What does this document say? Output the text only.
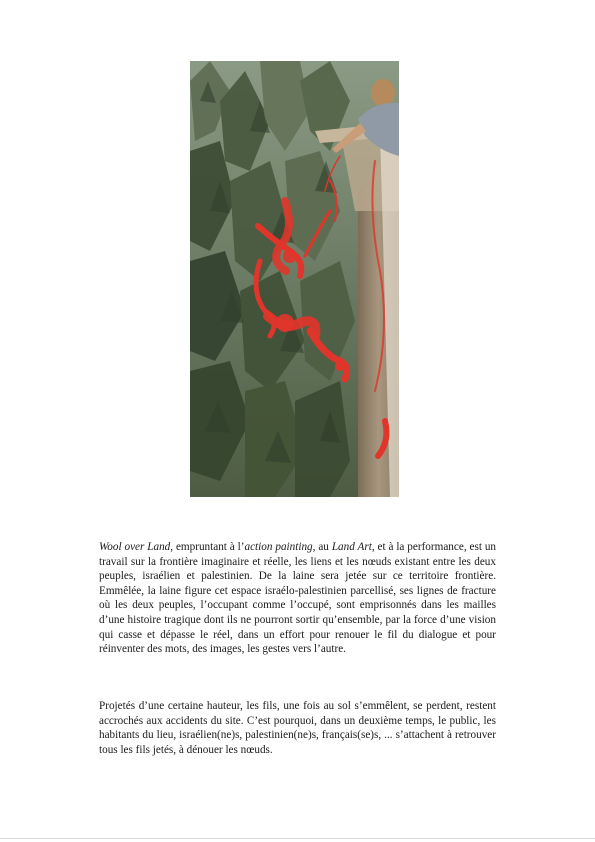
Wool over Land, empruntant à l’action painting, au Land Art, et à la performance, est un travail sur la frontière imaginaire et réelle, les liens et les nœuds existant entre les deux peuples, israélien et palestinien. De la laine sera jetée sur ce territoire frontière. Emmêlée, la laine figure cet espace israélo-palestinien parcellisé, ses lignes de fracture où les deux peuples, l’occupant comme l’occupé, sont emprisonnés dans les mailles d’une histoire tragique dont ils ne pourront sortir qu’ensemble, par la force d’une vision qui casse et dépasse le réel, dans un effort pour renouer le fil du dialogue et pour réinventer des mots, des images, les gestes vers l’autre.
Projetés d’une certaine hauteur, les fils, une fois au sol s’emmêlent, se perdent, restent accrochés aux accidents du site. C’est pourquoi, dans un deuxième temps, le public, les habitants du lieu, israélien(ne)s, palestinien(ne)s, français(se)s, ... s’attachent à retrouver tous les fils jetés, à dénouer les nœuds.
